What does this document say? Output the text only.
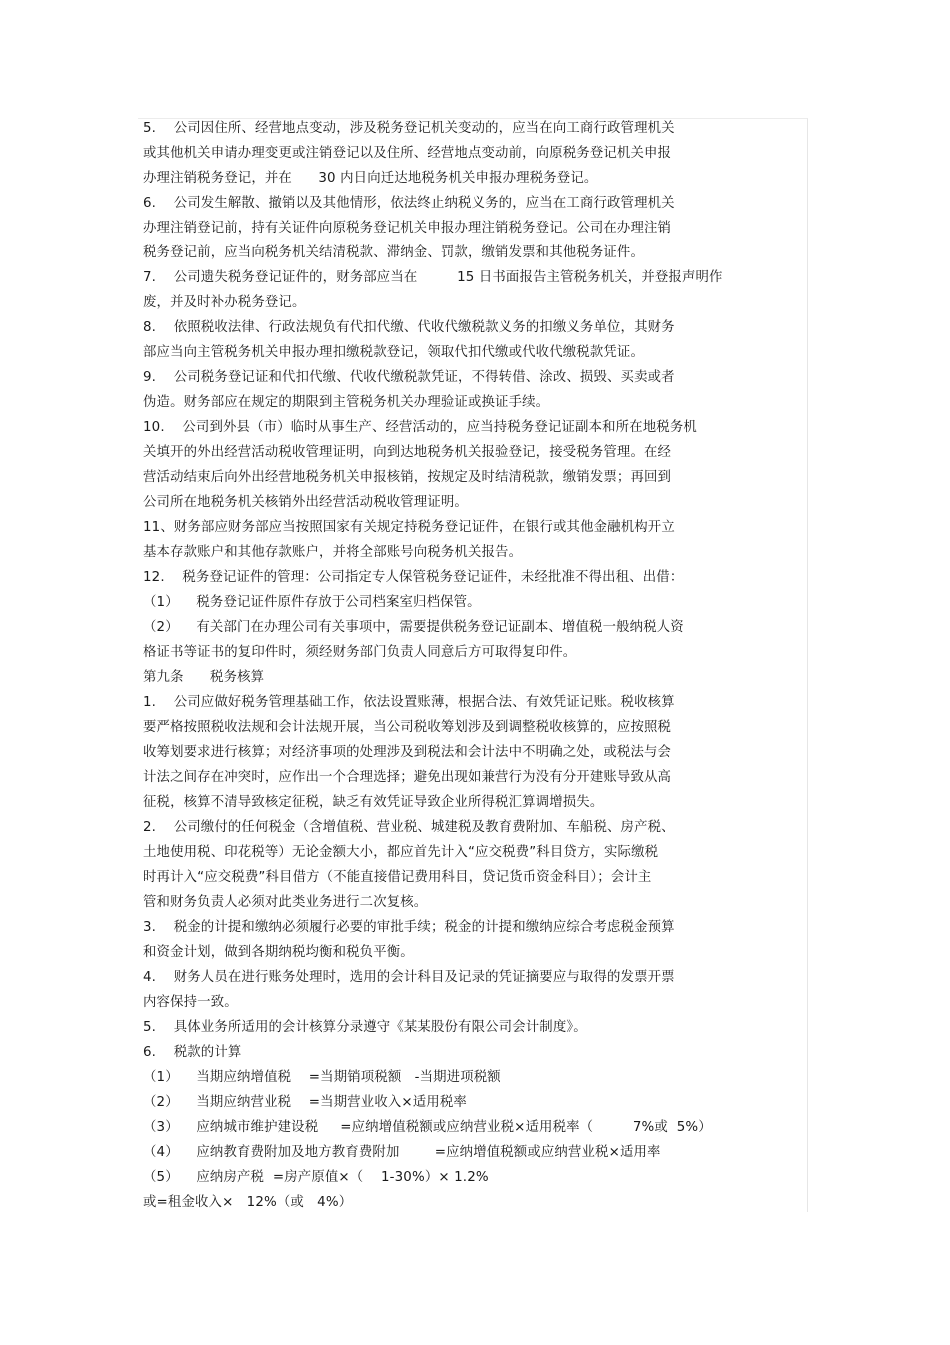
5.    公司因住所、经营地点变动，涉及税务登记机关变动的，应当在向工商行政管理机关
或其他机关申请办理变更或注销登记以及住所、经营地点变动前，向原税务登记机关申报
办理注销税务登记，并在      30 内日向迁达地税务机关申报办理税务登记。
6.    公司发生解散、撤销以及其他情形，依法终止纳税义务的，应当在工商行政管理机关
办理注销登记前，持有关证件向原税务登记机关申报办理注销税务登记。公司在办理注销
税务登记前，应当向税务机关结清税款、滞纳金、罚款，缴销发票和其他税务证件。
7.    公司遗失税务登记证件的，财务部应当在         15 日书面报告主管税务机关，并登报声明作
废，并及时补办税务登记。
8.    依照税收法律、行政法规负有代扣代缴、代收代缴税款义务的扣缴义务单位，其财务
部应当向主管税务机关申报办理扣缴税款登记，领取代扣代缴或代收代缴税款凭证。
9.    公司税务登记证和代扣代缴、代收代缴税款凭证，不得转借、涂改、损毁、买卖或者
伪造。财务部应在规定的期限到主管税务机关办理验证或换证手续。
10.    公司到外县（市）临时从事生产、经营活动的，应当持税务登记证副本和所在地税务机
关填开的外出经营活动税收管理证明，向到达地税务机关报验登记，接受税务管理。在经
营活动结束后向外出经营地税务机关申报核销，按规定及时结清税款，缴销发票；再回到
公司所在地税务机关核销外出经营活动税收管理证明。
11、财务部应财务部应当按照国家有关规定持税务登记证件，在银行或其他金融机构开立
基本存款账户和其他存款账户，并将全部账号向税务机关报告。
12.    税务登记证件的管理：公司指定专人保管税务登记证件，未经批准不得出租、出借：
（1）    税务登记证件原件存放于公司档案室归档保管。
（2）    有关部门在办理公司有关事项中，需要提供税务登记证副本、增值税一般纳税人资
格证书等证书的复印件时，须经财务部门负责人同意后方可取得复印件。
第九条      税务核算
1.    公司应做好税务管理基础工作，依法设置账薄，根据合法、有效凭证记账。税收核算
要严格按照税收法规和会计法规开展，当公司税收筹划涉及到调整税收核算的，应按照税
收筹划要求进行核算；对经济事项的处理涉及到税法和会计法中不明确之处，或税法与会
计法之间存在冲突时，应作出一个合理选择；避免出现如兼营行为没有分开建账导致从高
征税，核算不清导致核定征税，缺乏有效凭证导致企业所得税汇算调增损失。
2.    公司缴付的任何税金（含增值税、营业税、城建税及教育费附加、车船税、房产税、
土地使用税、印花税等）无论金额大小，都应首先计入“应交税费”科目贷方，实际缴税
时再计入“应交税费”科目借方（不能直接借记费用科目，贷记货币资金科目）；会计主
管和财务负责人必须对此类业务进行二次复核。
3.    税金的计提和缴纳必须履行必要的审批手续；税金的计提和缴纳应综合考虑税金预算
和资金计划，做到各期纳税均衡和税负平衡。
4.    财务人员在进行账务处理时，选用的会计科目及记录的凭证摘要应与取得的发票开票
内容保持一致。
5.    具体业务所适用的会计核算分录遵守《某某股份有限公司会计制度》。
6.    税款的计算
（1）    当期应纳增值税    =当期销项税额   -当期进项税额
（2）    当期应纳营业税    =当期营业收入×适用税率
（3）    应纳城市维护建设税     =应纳增值税额或应纳营业税×适用税率（         7%或  5%）
（4）    应纳教育费附加及地方教育费附加        =应纳增值税额或应纳营业税×适用率
（5）    应纳房产税  =房产原值×（    1-30%）× 1.2%
或=租金收入×   12%（或   4%）
